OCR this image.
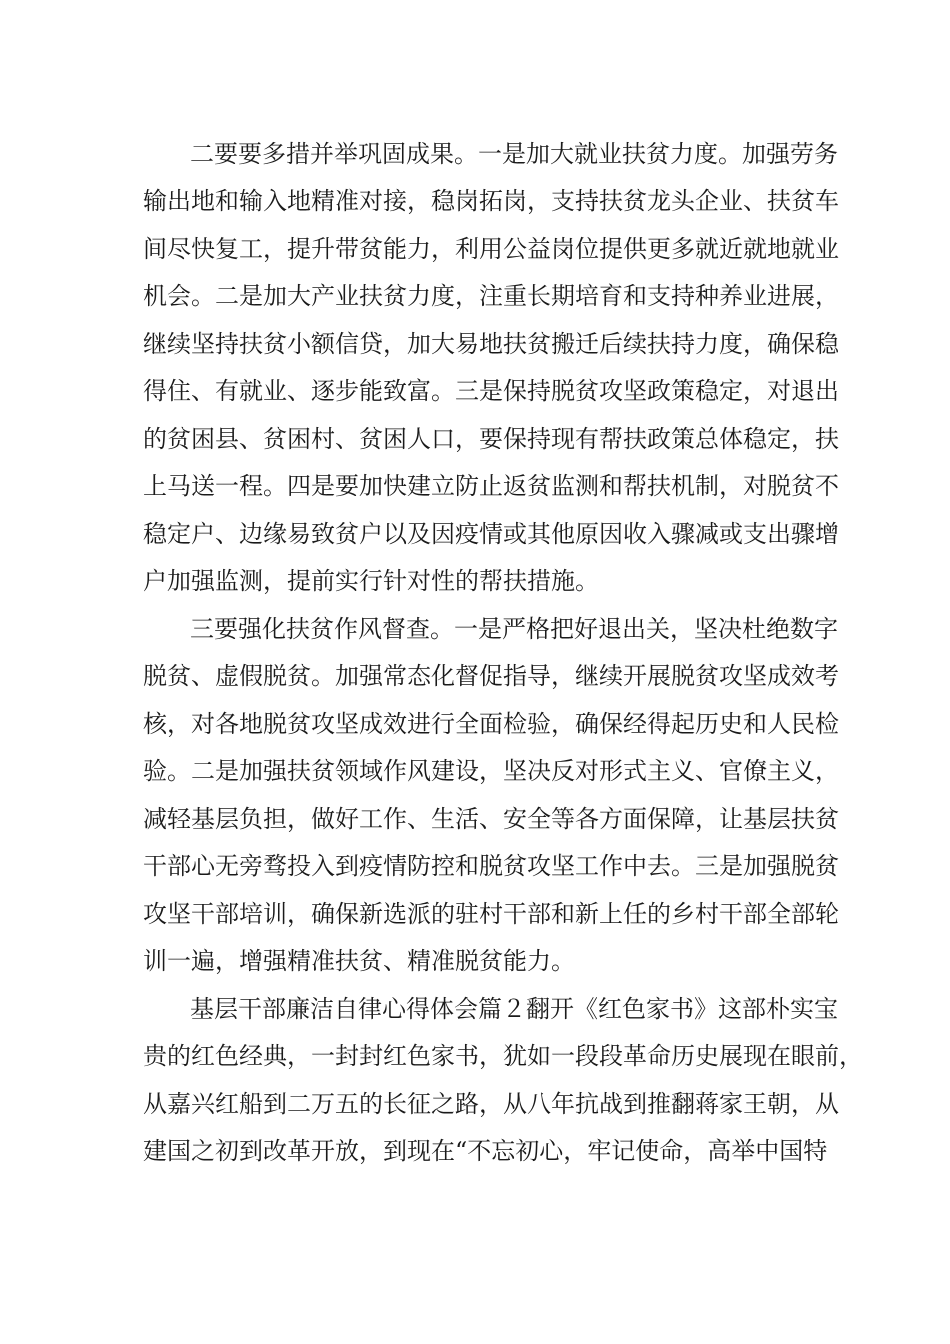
二要要多措并举巩固成果。一是加大就业扶贫力度。加强劳务
输出地和输入地精准对接，稳岗拓岗，支持扶贫龙头企业、扶贫车
间尽快复工，提升带贫能力，利用公益岗位提供更多就近就地就业
机会。二是加大产业扶贫力度，注重长期培育和支持种养业进展，
继续坚持扶贫小额信贷，加大易地扶贫搬迁后续扶持力度，确保稳
得住、有就业、逐步能致富。三是保持脱贫攻坚政策稳定，对退出
的贫困县、贫困村、贫困人口，要保持现有帮扶政策总体稳定，扶
上马送一程。四是要加快建立防止返贫监测和帮扶机制，对脱贫不
稳定户、边缘易致贫户以及因疫情或其他原因收入骤减或支出骤增
户加强监测，提前实行针对性的帮扶措施。
三要强化扶贫作风督查。一是严格把好退出关，坚决杜绝数字
脱贫、虚假脱贫。加强常态化督促指导，继续开展脱贫攻坚成效考
核，对各地脱贫攻坚成效进行全面检验，确保经得起历史和人民检
验。二是加强扶贫领域作风建设，坚决反对形式主义、官僚主义，
减轻基层负担，做好工作、生活、安全等各方面保障，让基层扶贫
干部心无旁骛投入到疫情防控和脱贫攻坚工作中去。三是加强脱贫
攻坚干部培训，确保新选派的驻村干部和新上任的乡村干部全部轮
训一遍，增强精准扶贫、精准脱贫能力。
基层干部廉洁自律心得体会篇２翻开《红色家书》这部朴实宝
贵的红色经典，一封封红色家书，犹如一段段革命历史展现在眼前，
从嘉兴红船到二万五的长征之路，从八年抗战到推翻蒋家王朝，从
建国之初到改革开放，到现在“不忘初心，牢记使命，高举中国特
